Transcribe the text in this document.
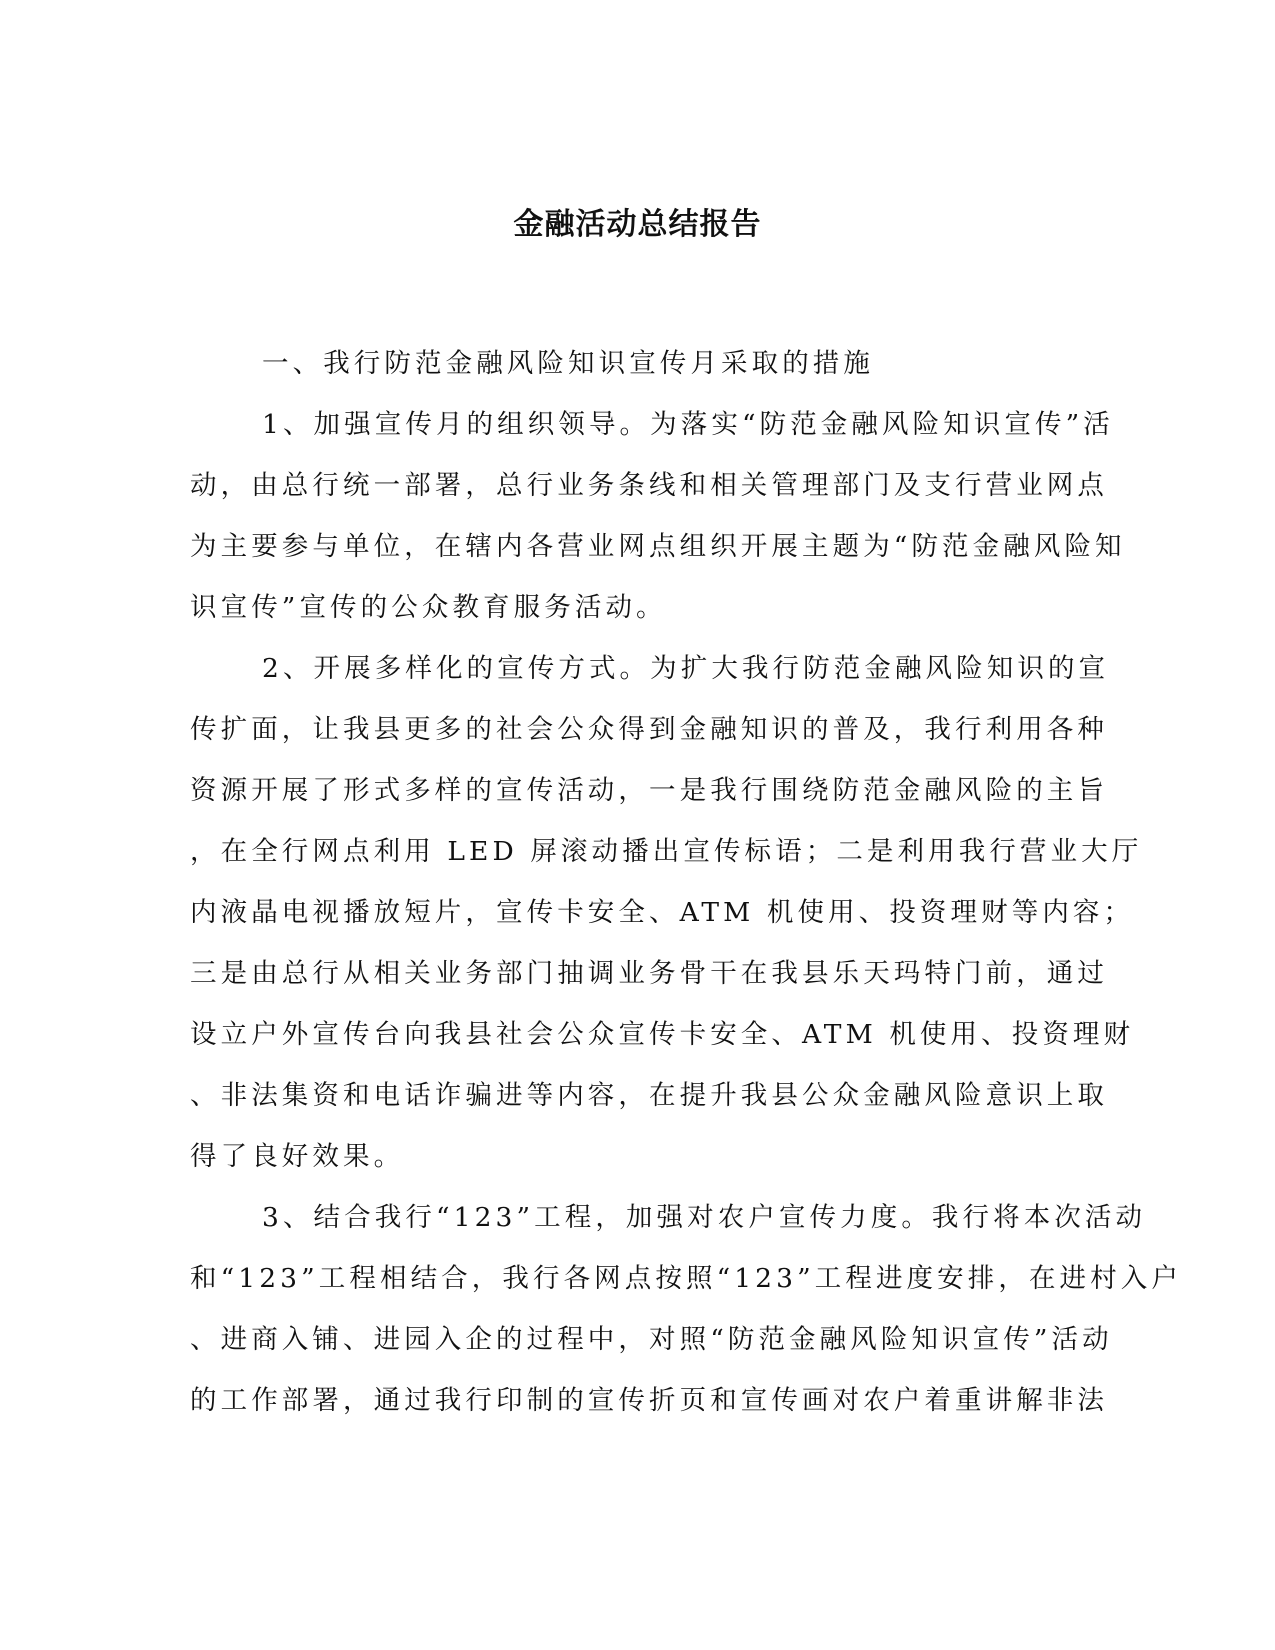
金融活动总结报告
一、我行防范金融风险知识宣传月采取的措施
1、加强宣传月的组织领导。为落实“防范金融风险知识宣传”活
动，由总行统一部署，总行业务条线和相关管理部门及支行营业网点
为主要参与单位，在辖内各营业网点组织开展主题为“防范金融风险知
识宣传”宣传的公众教育服务活动。
2、开展多样化的宣传方式。为扩大我行防范金融风险知识的宣
传扩面，让我县更多的社会公众得到金融知识的普及，我行利用各种
资源开展了形式多样的宣传活动，一是我行围绕防范金融风险的主旨
，在全行网点利用 LED 屏滚动播出宣传标语；二是利用我行营业大厅
内液晶电视播放短片，宣传卡安全、ATM 机使用、投资理财等内容；
三是由总行从相关业务部门抽调业务骨干在我县乐天玛特门前，通过
设立户外宣传台向我县社会公众宣传卡安全、ATM 机使用、投资理财
、非法集资和电话诈骗进等内容，在提升我县公众金融风险意识上取
得了良好效果。
3、结合我行“123”工程，加强对农户宣传力度。我行将本次活动
和“123”工程相结合，我行各网点按照“123”工程进度安排，在进村入户
、进商入铺、进园入企的过程中，对照“防范金融风险知识宣传”活动
的工作部署，通过我行印制的宣传折页和宣传画对农户着重讲解非法
